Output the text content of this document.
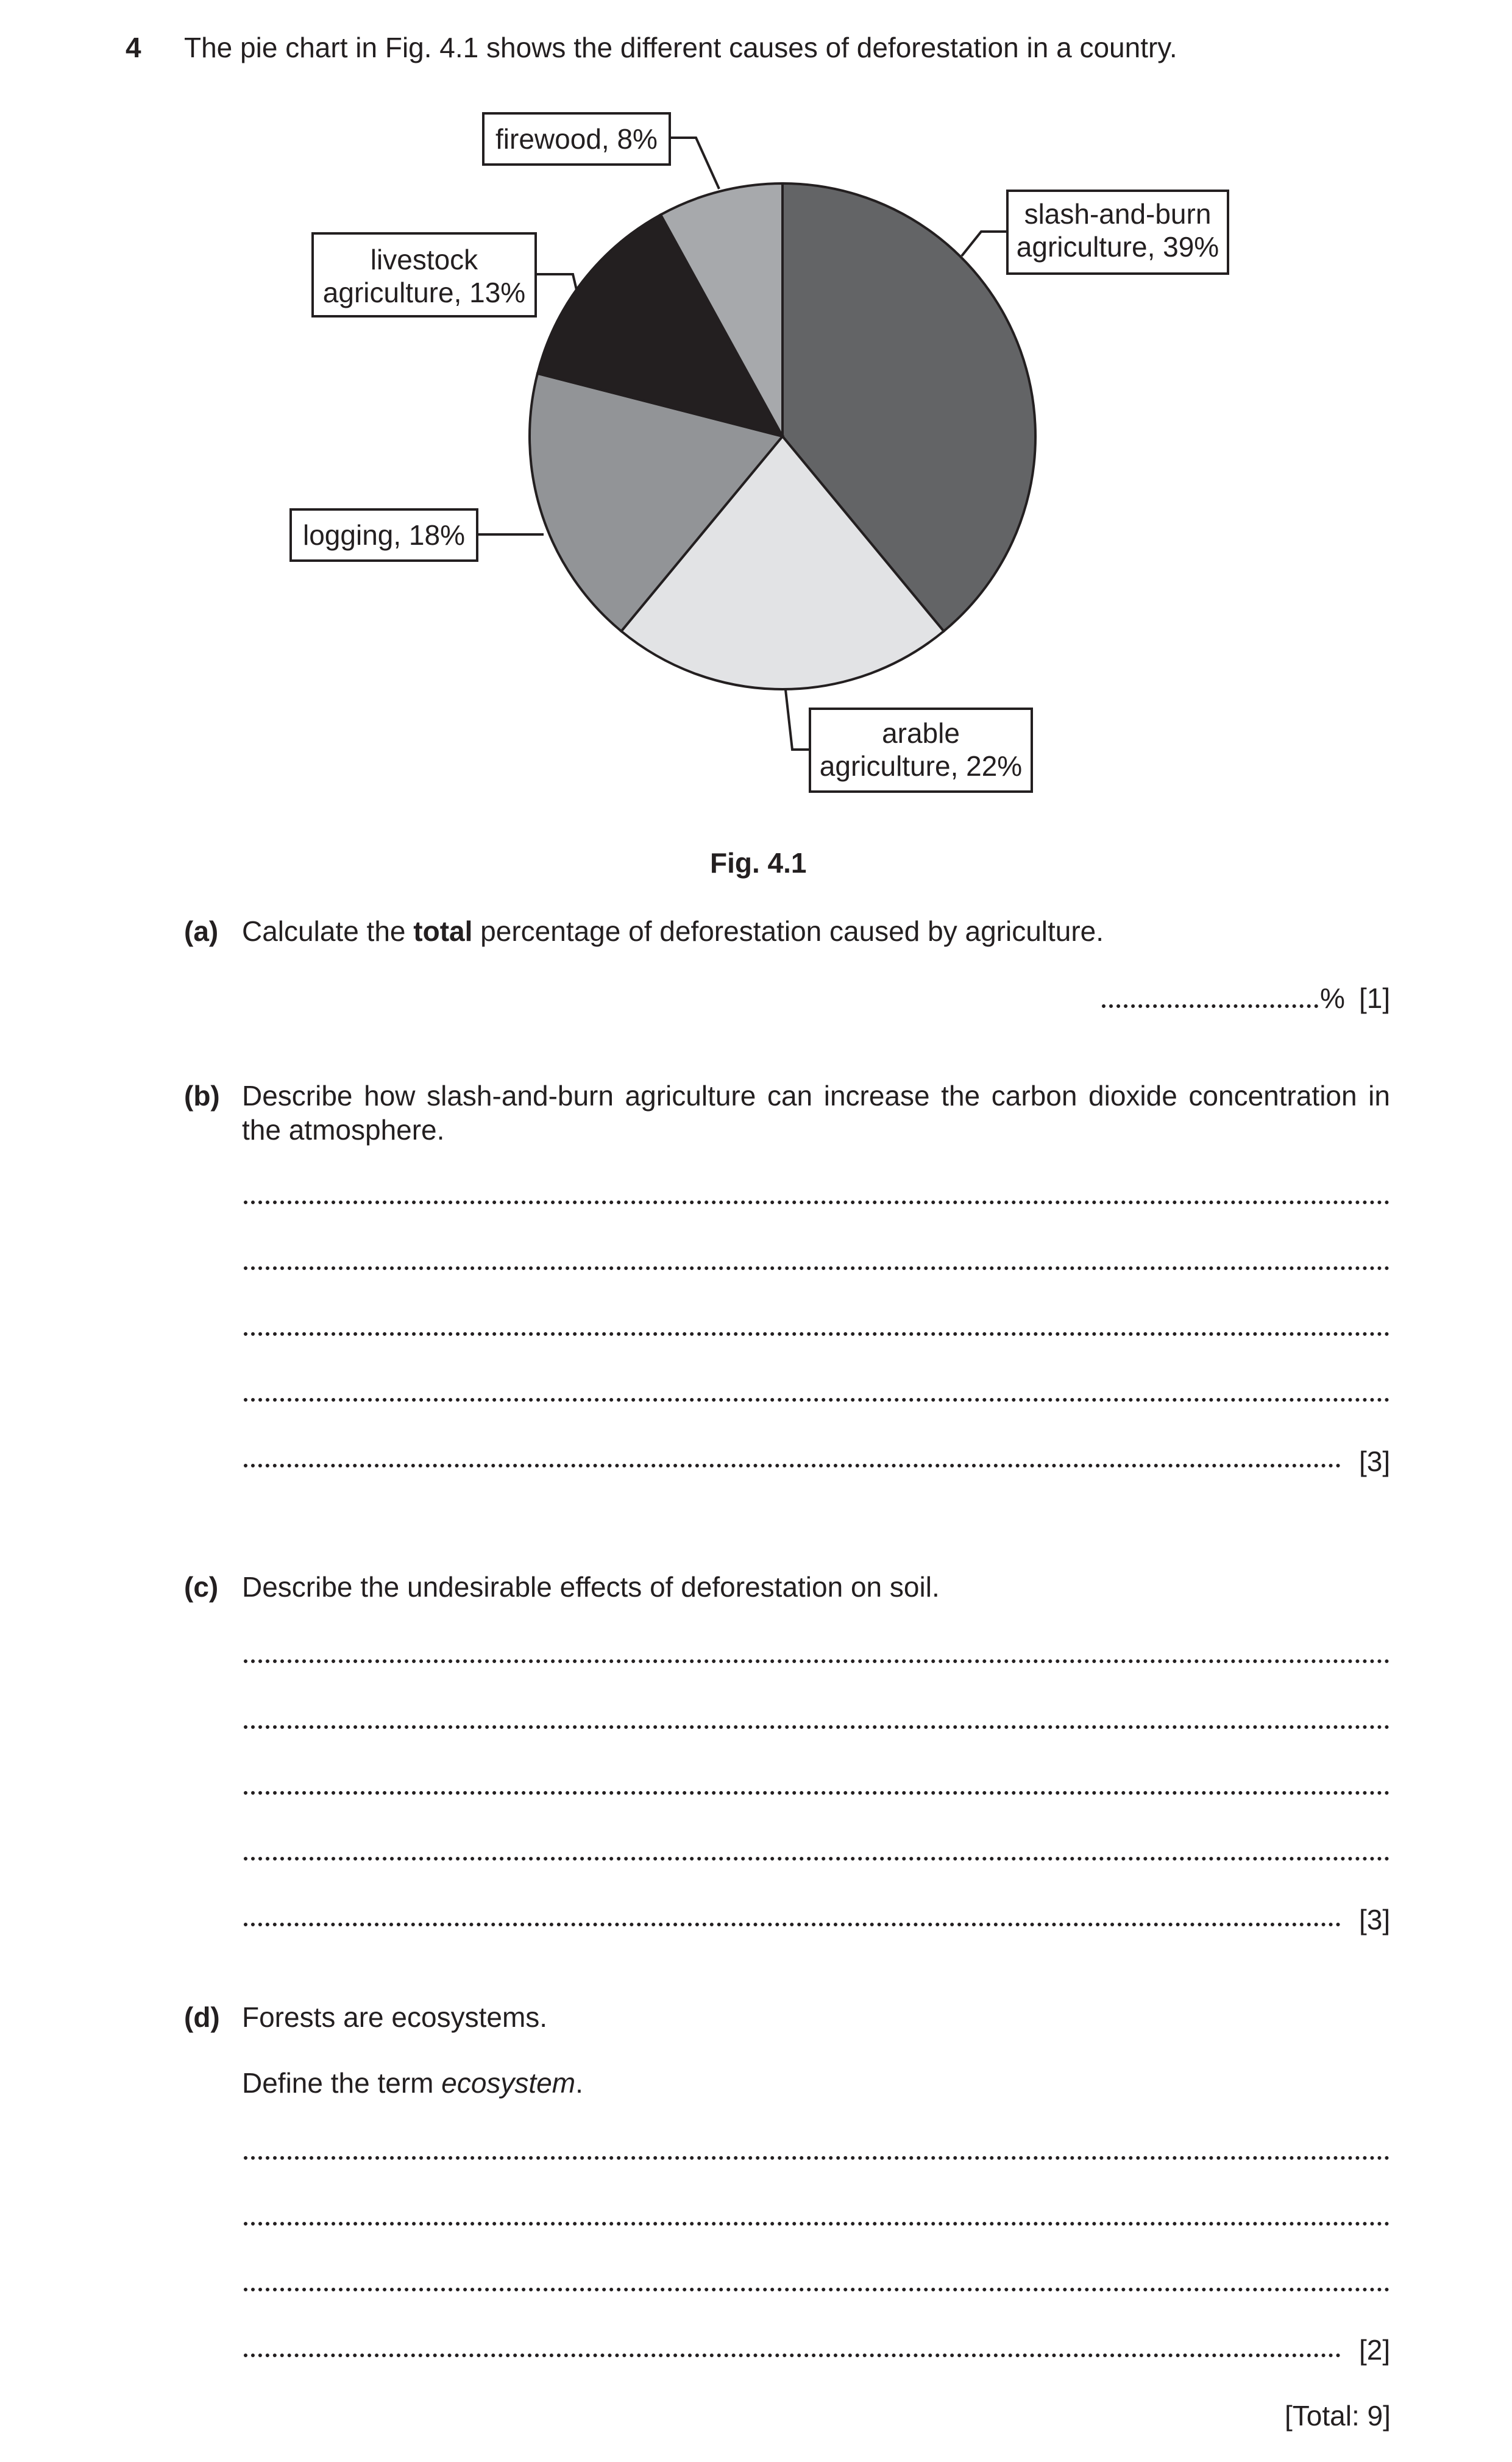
4 The pie chart in Fig. 4.1 shows the different causes of deforestation in a country.
firewood, 8%
livestock agriculture, 13%
slash-and-burn agriculture, 39%
logging, 18%
arable agriculture, 22%
Fig. 4.1
(a) Calculate the total percentage of deforestation caused by agriculture.
% [1]
(b) Describe how slash-and-burn agriculture can increase the carbon dioxide concentration in
the atmosphere.
[3]
(c) Describe the undesirable effects of deforestation on soil.
[3]
(d) Forests are ecosystems.
Define the term ecosystem.
[2]
[Total: 9]
